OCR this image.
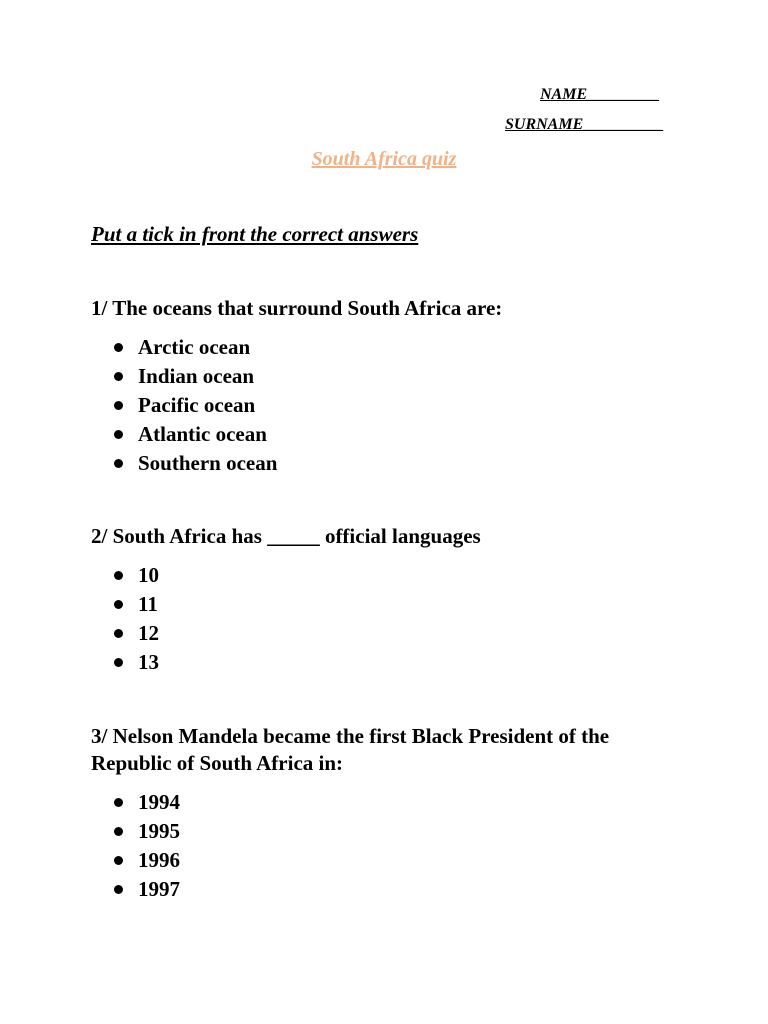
NAME_________
SURNAME__________
South Africa quiz
Put a tick in front the correct answers
1/ The oceans that surround South Africa are:
Arctic ocean
Indian ocean
Pacific ocean
Atlantic ocean
Southern ocean
2/ South Africa has _____ official languages
10
11
12
13
3/ Nelson Mandela became the first Black President of the Republic of South Africa in:
1994
1995
1996
1997
